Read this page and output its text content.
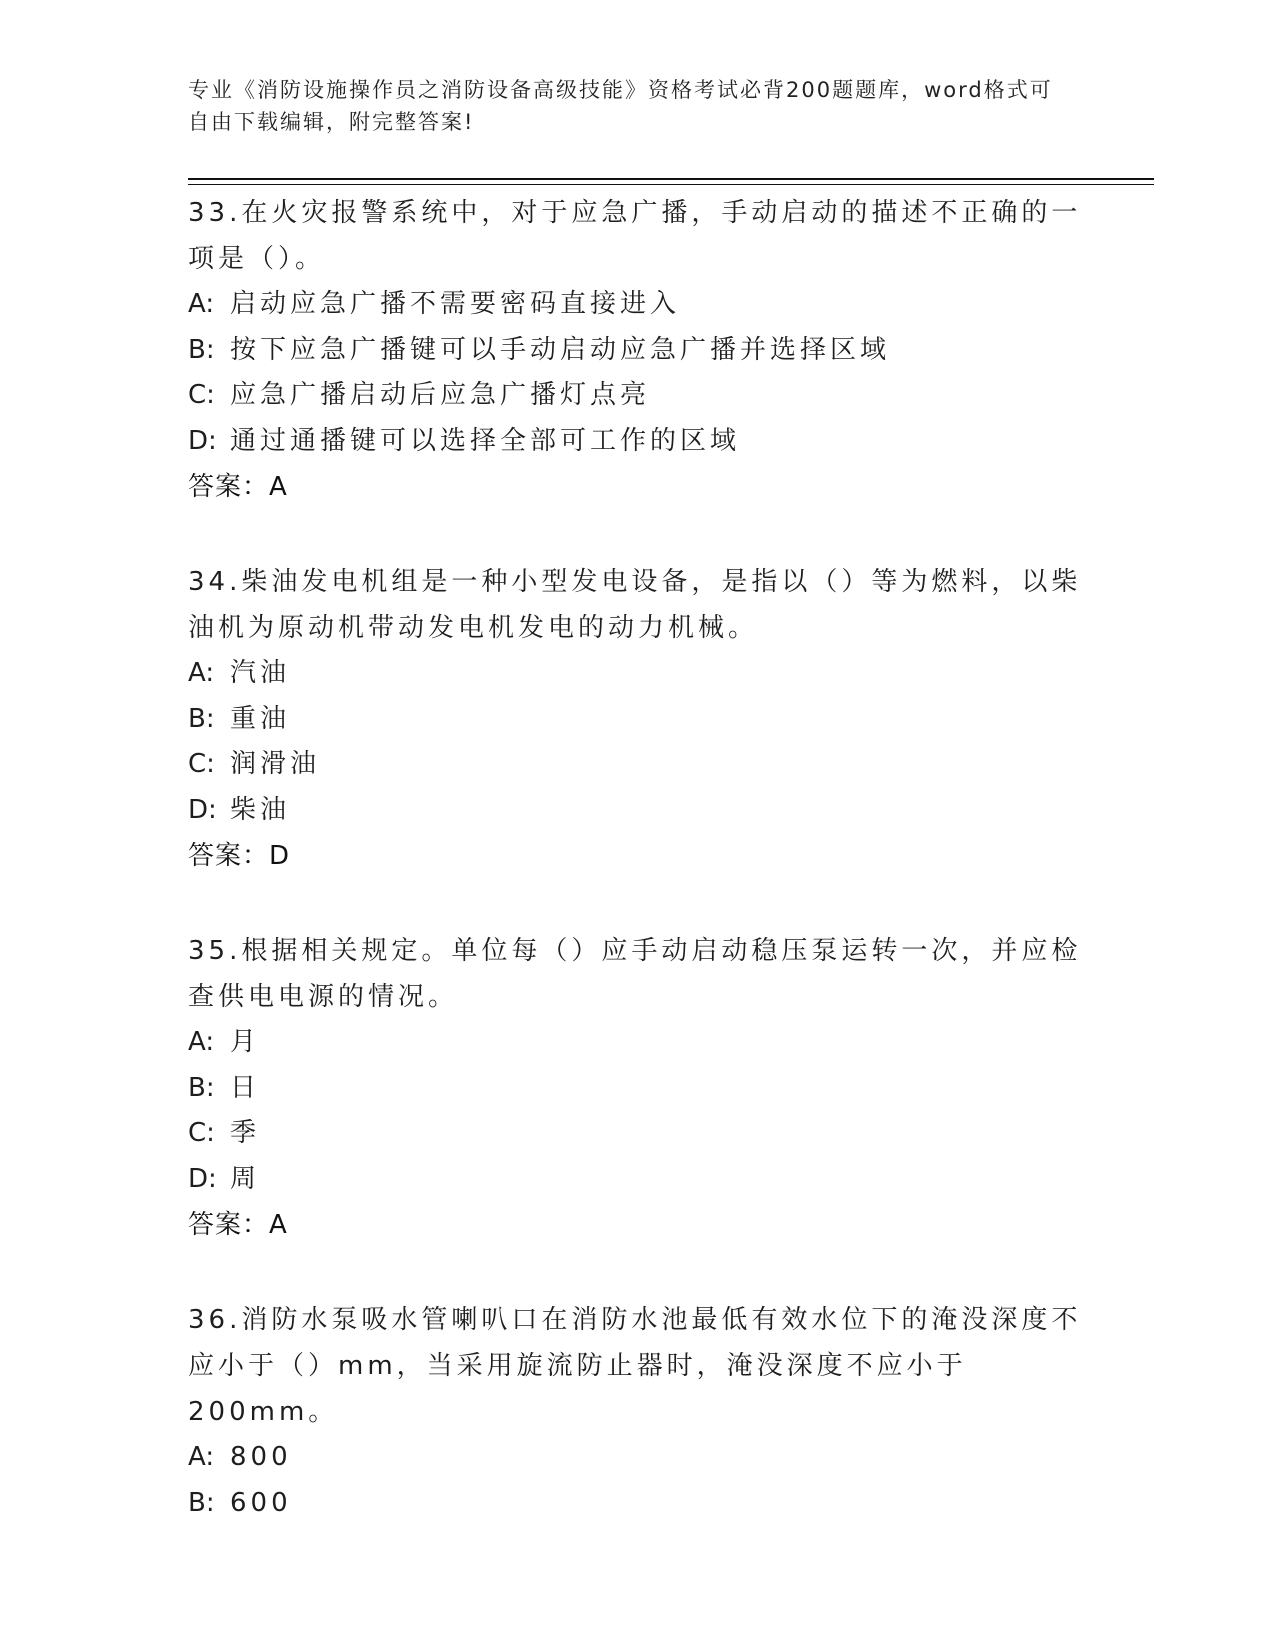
专业《消防设施操作员之消防设备高级技能》资格考试必背200题题库，word格式可自由下载编辑，附完整答案!
33.在火灾报警系统中，对于应急广播，手动启动的描述不正确的一项是（）。
A: 启动应急广播不需要密码直接进入
B: 按下应急广播键可以手动启动应急广播并选择区域
C: 应急广播启动后应急广播灯点亮
D: 通过通播键可以选择全部可工作的区域
答案：A
34.柴油发电机组是一种小型发电设备，是指以（）等为燃料，以柴油机为原动机带动发电机发电的动力机械。
A: 汽油
B: 重油
C: 润滑油
D: 柴油
答案：D
35.根据相关规定。单位每（）应手动启动稳压泵运转一次，并应检查供电电源的情况。
A: 月
B: 日
C: 季
D: 周
答案：A
36.消防水泵吸水管喇叭口在消防水池最低有效水位下的淹没深度不应小于（）mm，当采用旋流防止器时，淹没深度不应小于200mm。
A: 800
B: 600
